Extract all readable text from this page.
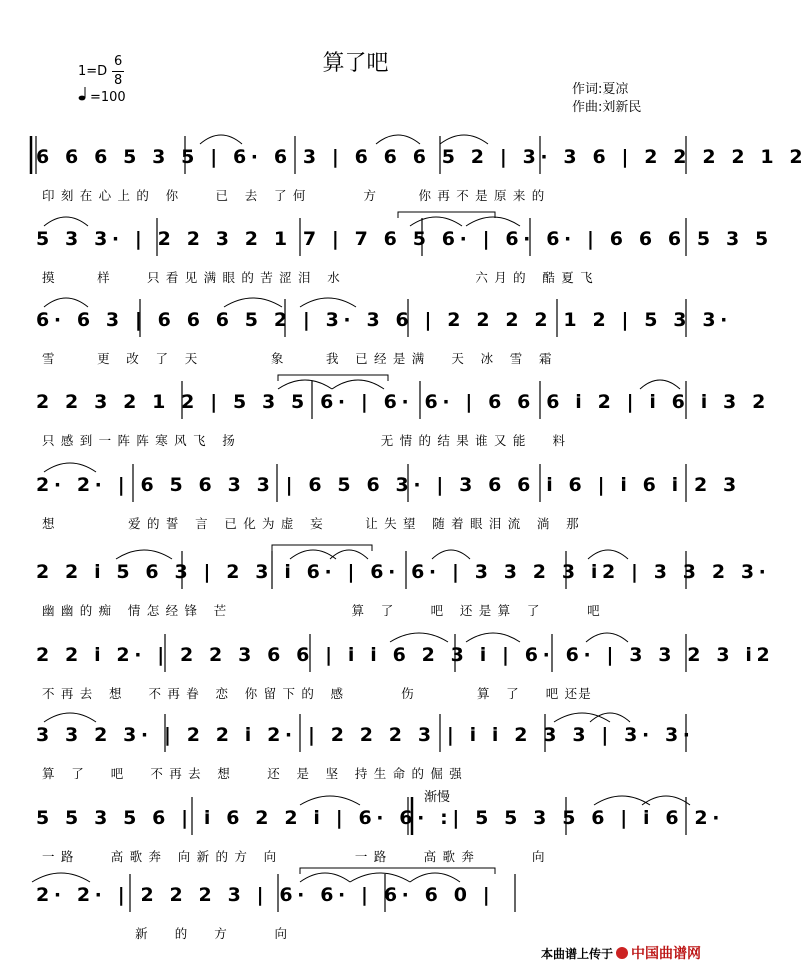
算了吧
1=D
6
8
=100
作词:夏凉
作曲:刘新民
渐慢
6 6 6 5 3 5 | 6· 6 3 | 6 6 6 5 2 | 3· 3 6 | 2 2 2 2 1 2
印 刻 在 心 上 的   你       已   去   了 何           方        你 再 不 是 原 来 的
5 3 3· | 2 2 3 2 1 7 | 7 6 5 6· | 6· 6· | 6 6 6 5 3 5
摸        样       只 看 见 满 眼 的 苦 涩 泪   水                          六 月 的   酷 夏 飞
6· 6 3 | 6 6 6 5 2 | 3· 3 6 | 2 2 2 2 1 2 | 5 3 3·
雪        更   改   了   天              象        我   已 经 是 满     天   冰   雪   霜
2 2 3 2 1 2 | 5 3 5 6· | 6· 6· | 6 6 6 i 2 | i 6 i 3 2
只 感 到 一 阵 阵 寒 风 飞   扬                            无 情 的 结 果 谁 又 能     料
2· 2· | 6 5 6 3 3 | 6 5 6 3· | 3 6 6 i 6 | i 6 i 2 3
想              爱 的 誓   言   已 化 为 虚   妄        让 失 望   随 着 眼 泪 流   淌   那
2 2 i 5 6 3 | 2 3 i 6· | 6· 6· | 3 3 2 3 i2 | 3 3 2 3·
幽 幽 的 痴   情 怎 经 锋   芒                        算   了       吧   还 是 算   了         吧
2 2 i 2· | 2 2 3 6 6 | i i 6 2 3 i | 6· 6· | 3 3 2 3 i2
不 再 去   想     不 再 眷   恋   你 留 下 的   感           伤            算   了     吧 还是
3 3 2 3· | 2 2 i 2· | 2 2 2 3 | i i 2 3 3 | 3· 3·
算   了     吧     不 再 去   想       还   是   坚   持 生 命 的 倔 强
5 5 3 5 6 | i 6 2 2 i | 6· 6· :| 5 5 3 5 6 | i 6 2·
一 路       高 歌 奔   向 新 的 方   向               一 路       高 歌 奔           向
2· 2· | 2 2 2 3 | 6· 6· | 6· 6 0 |
新     的     方         向
本曲谱上传于 中国曲谱网
